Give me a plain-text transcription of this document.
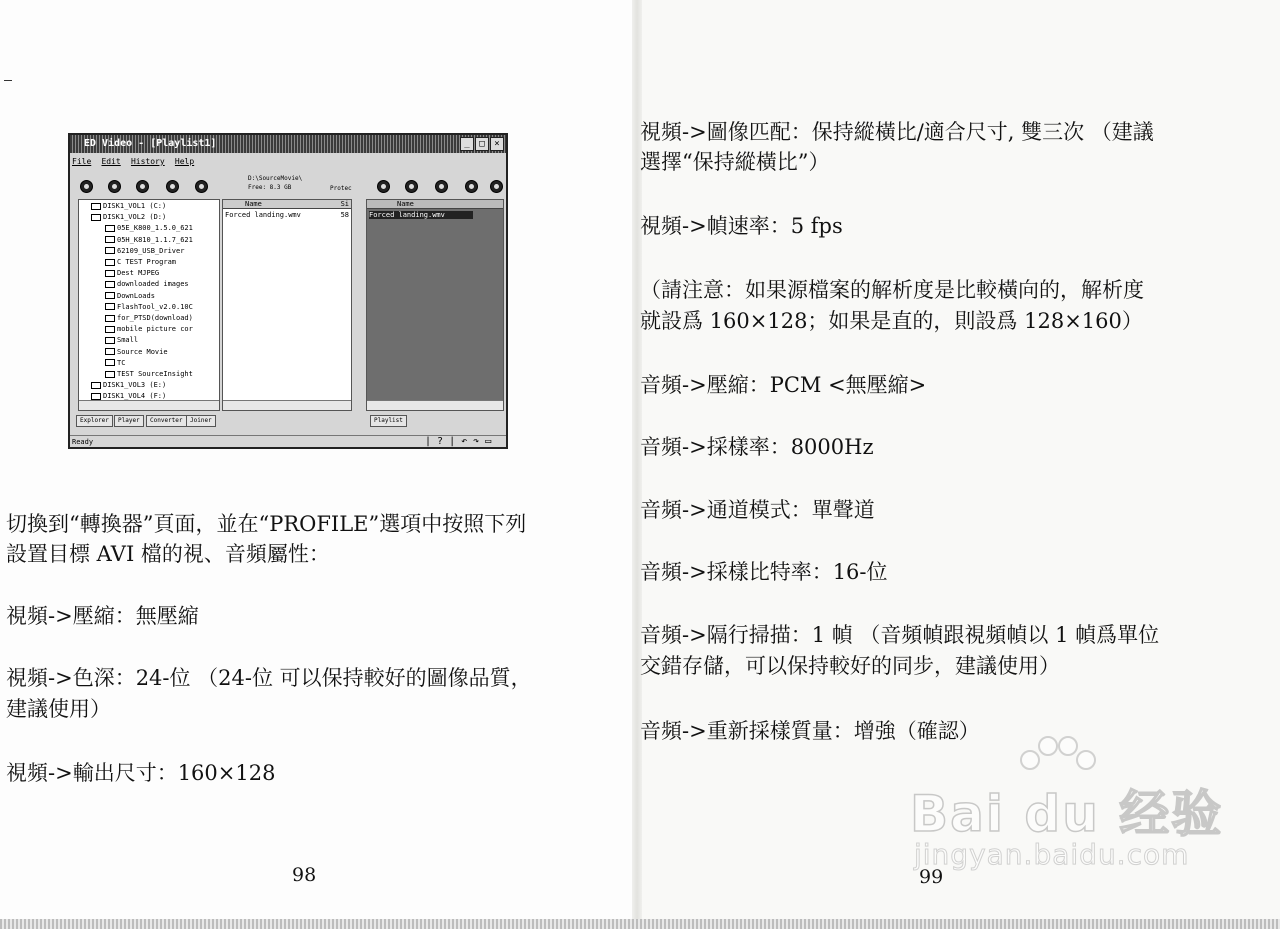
ED Video - [Playlist1]	_	□	×
File Edit History Help
D:\SourceMovie\
Free: 8.3 GB	Protec
DISK1_VOL1 (C:)
DISK1_VOL2 (D:)
05E_K800_1.5.0_621
05H_K810_1.1.7_621
62109_USB_Driver
C TEST Program
Dest MJPEG
downloaded images
DownLoads
FlashTool_v2.0.10C
for_PTSD(download)
mobile picture cor
Small
Source Movie
TC
TEST SourceInsight
DISK1_VOL3 (E:)
DISK1_VOL4 (F:)
Name	Si
Forced landing.wmv	58
Name
Forced landing.wmv
Explorer	Player	Converter	Joiner	Playlist
Ready	| ? | ↶ ↷ ▭

切換到“轉換器”頁面，並在“PROFILE”選項中按照下列

設置目標 AVI 檔的視、音頻屬性：

視頻->壓縮：無壓縮

視頻->色深：24-位 （24-位 可以保持較好的圖像品質，

建議使用）

視頻->輸出尺寸：160×128

98

視頻->圖像匹配：保持縱橫比/適合尺寸, 雙三次 （建議

選擇“保持縱橫比”）

視頻->幀速率：5 fps

（請注意：如果源檔案的解析度是比較橫向的，解析度

就設爲 160×128；如果是直的，則設爲 128×160）

音頻->壓縮：PCM <無壓縮>

音頻->採樣率：8000Hz

音頻->通道模式：單聲道

音頻->採樣比特率：16-位

音頻->隔行掃描：1 幀 （音頻幀跟視頻幀以 1 幀爲單位

交錯存儲，可以保持較好的同步，建議使用）

音頻->重新採樣質量：增強（確認）

99
Bai du 经验
jingyan.baidu.com
